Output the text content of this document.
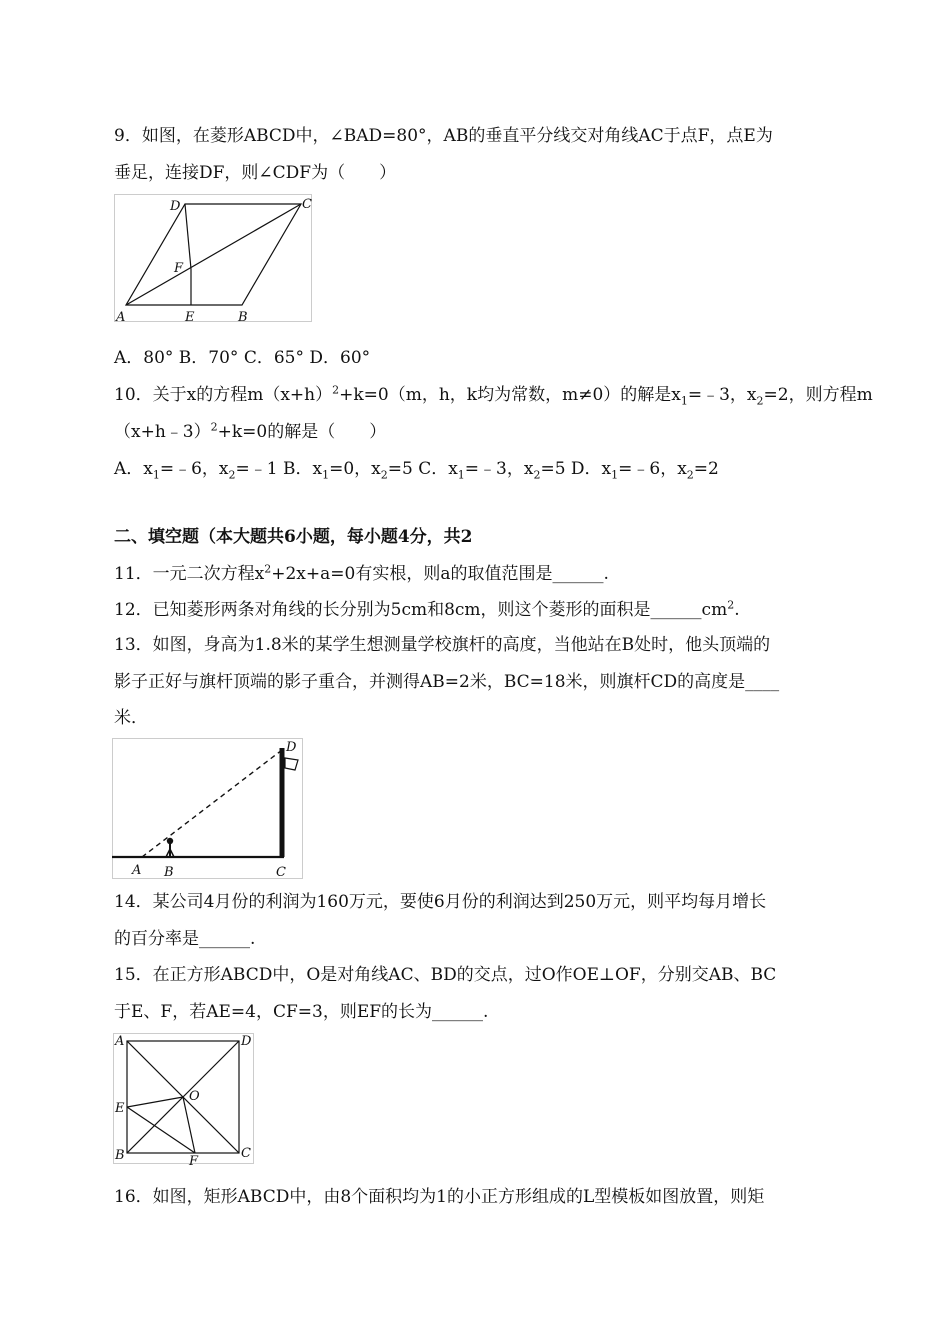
9．如图，在菱形ABCD中，∠BAD=80°，AB的垂直平分线交对角线AC于点F，点E为
垂足，连接DF，则∠CDF为（　　）
A	E	B
C
D
F
A．80° B．70° C．65° D．60°
10．关于x的方程$m(x+h)^2+k=0(m$，h，k均为常数，m≠0）的解是$x_1=﹣3$，$x_2=2$，则方程m
（x+h﹣3）$^2$+k=0的解是（　　）
A．$x_1=﹣6$，$x_2=﹣1$ B．$x_1=0$，$x_2=5$ C．$x_1=﹣3$，$x_2=5$ D．$x_1=﹣6$，$x_2=2$
二、填空题（本大题共6小题，每小题4分，共2
11．一元二次方程$x^2+2x+a=0$有实根，则a的取值范围是______.
12．已知菱形两条对角线的长分别为5cm和8cm，则这个菱形的面积是$\_\_\_\_\_\_cm^2$.
13．如图，身高为1.8米的某学生想测量学校旗杆的高度，当他站在B处时，他头顶端的
影子正好与旗杆顶端的影子重合，并测得AB=2米，BC=18米，则旗杆CD的高度是____
米．
A B	C
D
14．某公司4月份的利润为160万元，要使6月份的利润达到250万元，则平均每月增长
的百分率是______.
15．在正方形ABCD中，O是对角线AC、BD的交点，过O作OE⊥OF，分别交AB、BC
于E、F，若AE=4，CF=3，则EF的长为______.
A	D
E
B	C
O
F
16．如图，矩形ABCD中，由8个面积均为1的小正方形组成的L型模板如图放置，则矩
